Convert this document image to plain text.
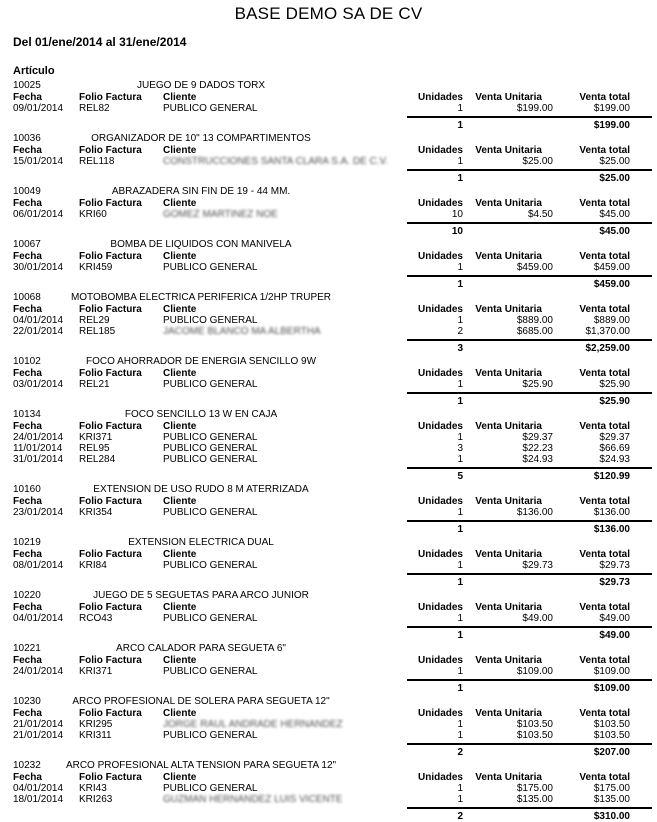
BASE DEMO SA DE CV
Del 01/ene/2014 al 31/ene/2014
Artículo
10025	JUEGO DE 9 DADOS TORX
Fecha	Folio Factura	Cliente	Unidades	Venta Unitaria	Venta total
09/01/2014	REL82	PUBLICO GENERAL	1	$199.00	$199.00
1	$199.00
10036	ORGANIZADOR DE 10" 13 COMPARTIMENTOS
Fecha	Folio Factura	Cliente	Unidades	Venta Unitaria	Venta total
15/01/2014	REL118	CONSTRUCCIONES SANTA CLARA S.A. DE C.V.	1	$25.00	$25.00
1	$25.00
10049	ABRAZADERA SIN FIN DE 19 - 44 MM.
Fecha	Folio Factura	Cliente	Unidades	Venta Unitaria	Venta total
06/01/2014	KRI60	GOMEZ MARTINEZ NOE	10	$4.50	$45.00
10	$45.00
10067	BOMBA DE LIQUIDOS CON MANIVELA
Fecha	Folio Factura	Cliente	Unidades	Venta Unitaria	Venta total
30/01/2014	KRI459	PUBLICO GENERAL	1	$459.00	$459.00
1	$459.00
10068	MOTOBOMBA ELECTRICA PERIFERICA 1/2HP TRUPER
Fecha	Folio Factura	Cliente	Unidades	Venta Unitaria	Venta total
04/01/2014	REL29	PUBLICO GENERAL	1	$889.00	$889.00
22/01/2014	REL185	JACOME BLANCO MA ALBERTHA	2	$685.00	$1,370.00
3	$2,259.00
10102	FOCO AHORRADOR DE ENERGIA SENCILLO 9W
Fecha	Folio Factura	Cliente	Unidades	Venta Unitaria	Venta total
03/01/2014	REL21	PUBLICO GENERAL	1	$25.90	$25.90
1	$25.90
10134	FOCO SENCILLO 13 W EN CAJA
Fecha	Folio Factura	Cliente	Unidades	Venta Unitaria	Venta total
24/01/2014	KRI371	PUBLICO GENERAL	1	$29.37	$29.37
11/01/2014	REL95	PUBLICO GENERAL	3	$22.23	$66.69
31/01/2014	REL284	PUBLICO GENERAL	1	$24.93	$24.93
5	$120.99
10160	EXTENSION DE USO RUDO 8 M ATERRIZADA
Fecha	Folio Factura	Cliente	Unidades	Venta Unitaria	Venta total
23/01/2014	KRI354	PUBLICO GENERAL	1	$136.00	$136.00
1	$136.00
10219	EXTENSION ELECTRICA DUAL
Fecha	Folio Factura	Cliente	Unidades	Venta Unitaria	Venta total
08/01/2014	KRI84	PUBLICO GENERAL	1	$29.73	$29.73
1	$29.73
10220	JUEGO DE 5 SEGUETAS PARA ARCO JUNIOR
Fecha	Folio Factura	Cliente	Unidades	Venta Unitaria	Venta total
04/01/2014	RCO43	PUBLICO GENERAL	1	$49.00	$49.00
1	$49.00
10221	ARCO CALADOR PARA SEGUETA 6"
Fecha	Folio Factura	Cliente	Unidades	Venta Unitaria	Venta total
24/01/2014	KRI371	PUBLICO GENERAL	1	$109.00	$109.00
1	$109.00
10230	ARCO PROFESIONAL DE SOLERA PARA SEGUETA 12"
Fecha	Folio Factura	Cliente	Unidades	Venta Unitaria	Venta total
21/01/2014	KRI295	JORGE RAUL ANDRADE HERNANDEZ	1	$103.50	$103.50
21/01/2014	KRI311	PUBLICO GENERAL	1	$103.50	$103.50
2	$207.00
10232	ARCO PROFESIONAL ALTA TENSION PARA SEGUETA 12"
Fecha	Folio Factura	Cliente	Unidades	Venta Unitaria	Venta total
04/01/2014	KRI43	PUBLICO GENERAL	1	$175.00	$175.00
18/01/2014	KRI263	GUZMAN HERNANDEZ LUIS VICENTE	1	$135.00	$135.00
2	$310.00
